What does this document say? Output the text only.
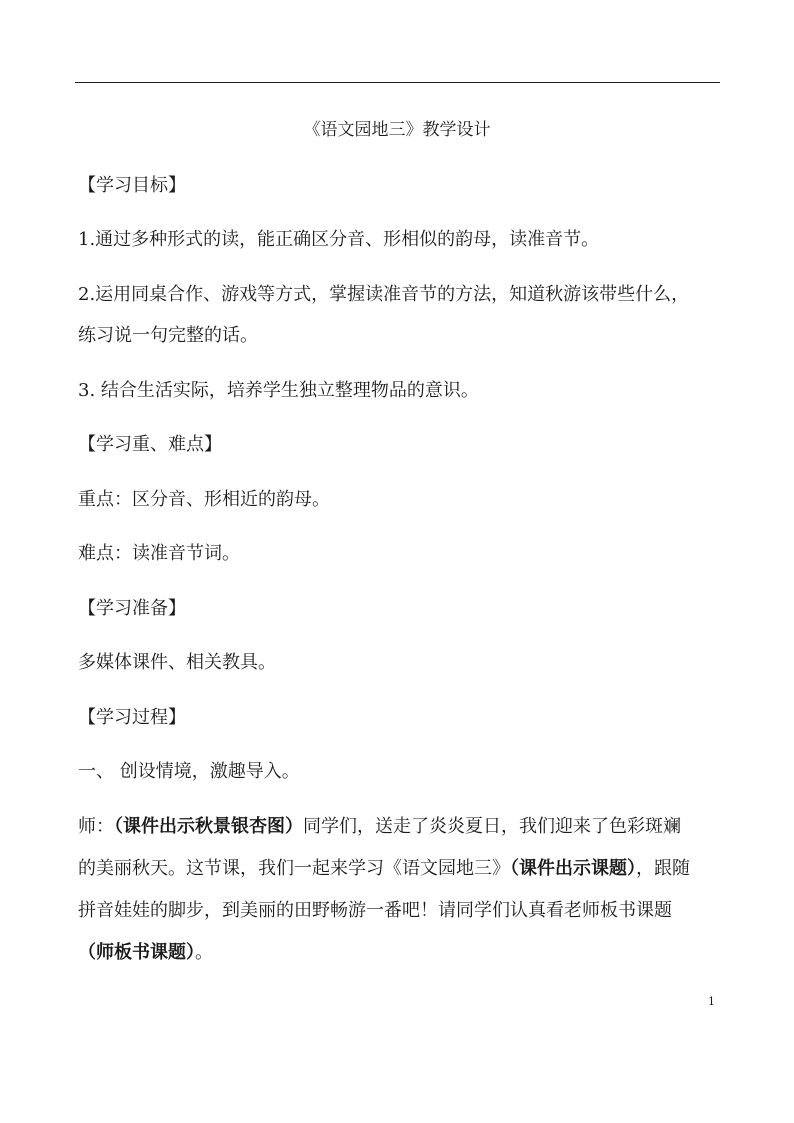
《语文园地三》教学设计
【学习目标】
1.通过多种形式的读，能正确区分音、形相似的韵母，读准音节。
2.运用同桌合作、游戏等方式，掌握读准音节的方法，知道秋游该带些什么，
练习说一句完整的话。
3. 结合生活实际，培养学生独立整理物品的意识。
【学习重、难点】
重点：区分音、形相近的韵母。
难点：读准音节词。
【学习准备】
多媒体课件、相关教具。
【学习过程】
一、 创设情境，激趣导入。
师：（课件出示秋景银杏图）同学们，送走了炎炎夏日，我们迎来了色彩斑斓
的美丽秋天。这节课，我们一起来学习《语文园地三》（课件出示课题），跟随
拼音娃娃的脚步，到美丽的田野畅游一番吧！请同学们认真看老师板书课题
（师板书课题）。
1
